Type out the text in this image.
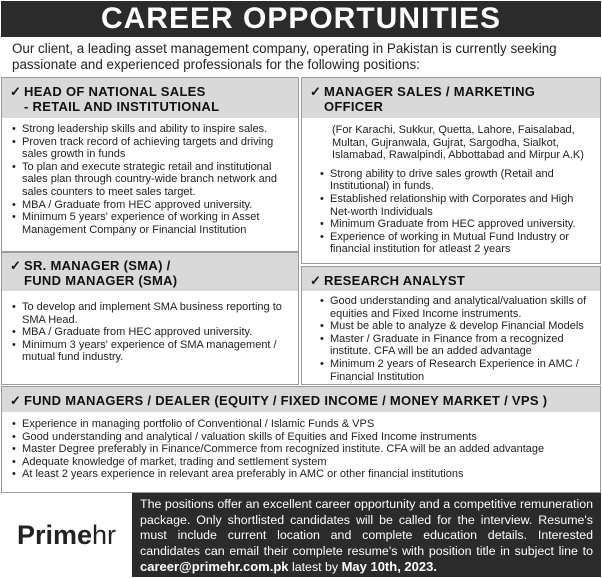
CAREER OPPORTUNITIES
Our client, a leading asset management company, operating in Pakistan is currently seeking passionate and experienced professionals for the following positions:
✓ HEAD OF NATIONAL SALES
- RETAIL AND INSTITUTIONAL
• Strong leadership skills and ability to inspire sales.
• Proven track record of achieving targets and driving sales growth in funds
• To plan and execute strategic retail and institutional sales plan through country-wide branch network and sales counters to meet sales target.
• MBA / Graduate from HEC approved university.
• Minimum 5 years' experience of working in Asset Management Company or Financial Institution
✓ SR. MANAGER (SMA) /
FUND MANAGER (SMA)
• To develop and implement SMA business reporting to SMA Head.
• MBA / Graduate from HEC approved university.
• Minimum 3 years' experience of SMA management / mutual fund industry.
✓ MANAGER SALES / MARKETING
OFFICER
(For Karachi, Sukkur, Quetta, Lahore, Faisalabad, Multan, Gujranwala, Gujrat, Sargodha, Sialkot, Islamabad, Rawalpindi, Abbottabad and Mirpur A.K)
• Strong ability to drive sales growth (Retail and Institutional) in funds.
• Established relationship with Corporates and High Net-worth Individuals
• Minimum Graduate from HEC approved university.
• Experience of working in Mutual Fund Industry or financial institution for atleast 2 years
✓ RESEARCH ANALYST
• Good understanding and analytical/valuation skills of equities and Fixed Income instruments.
• Must be able to analyze & develop Financial Models
• Master / Graduate in Finance from a recognized institute. CFA will be an added advantage
• Minimum 2 years of Research Experience in AMC / Financial Institution
✓ FUND MANAGERS / DEALER (EQUITY / FIXED INCOME / MONEY MARKET / VPS )
• Experience in managing portfolio of Conventional / Islamic Funds & VPS
• Good understanding and analytical / valuation skills of Equities and Fixed Income instruments
• Master Degree preferably in Finance/Commerce from recognized institute. CFA will be an added advantage
• Adequate knowledge of market, trading and settlement system
• At least 2 years experience in relevant area preferably in AMC or other financial institutions
Prime hr
The positions offer an excellent career opportunity and a competitive remuneration package. Only shortlisted candidates will be called for the interview. Resume's must include current location and complete education details. Interested candidates can email their complete resume's with position title in subject line to career@primehr.com.pk latest by May 10th, 2023.
